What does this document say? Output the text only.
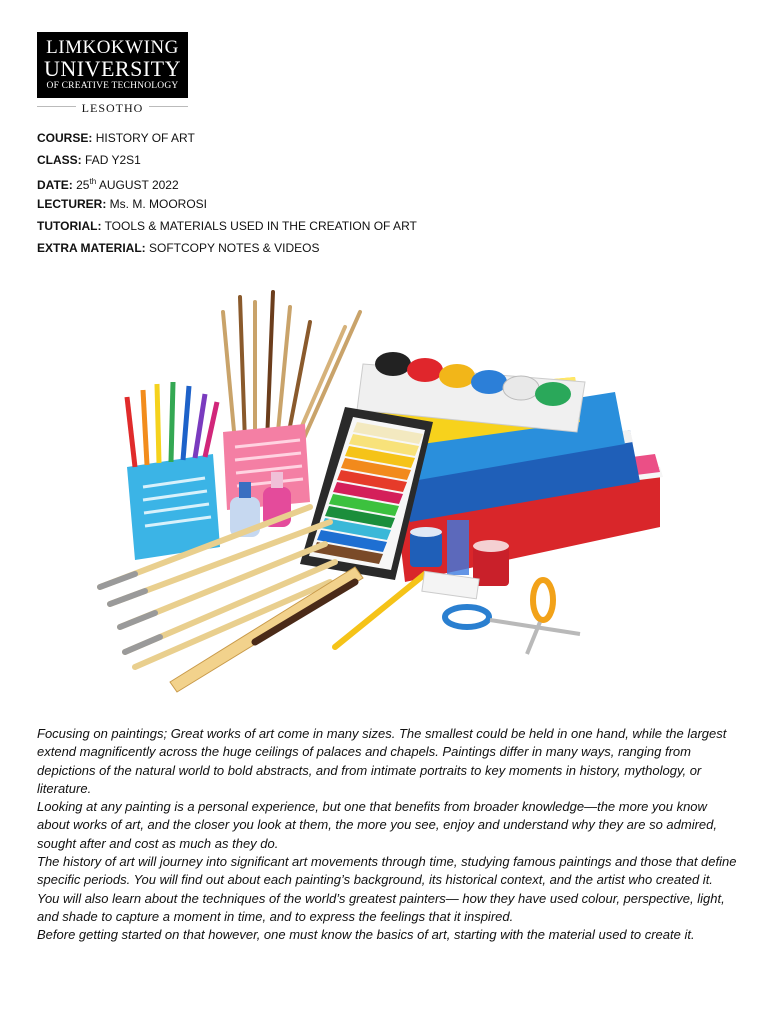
LIMKOKWING
UNIVERSITY
OF CREATIVE TECHNOLOGY
LESOTHO
COURSE: HISTORY OF ART
CLASS: FAD Y2S1
DATE: 25th AUGUST 2022
LECTURER: Ms. M. MOOROSI
TUTORIAL: TOOLS & MATERIALS USED IN THE CREATION OF ART
EXTRA MATERIAL: SOFTCOPY NOTES & VIDEOS

Focusing on paintings; Great works of art come in many sizes. The smallest could be held in one hand, while the largest extend magnificently across the huge ceilings of palaces and chapels. Paintings differ in many ways, ranging from depictions of the natural world to bold abstracts, and from intimate portraits to key moments in history, mythology, or literature.

Looking at any painting is a personal experience, but one that benefits from broader knowledge—the more you know about works of art, and the closer you look at them, the more you see, enjoy and understand why they are so admired, sought after and cost as much as they do.

The history of art will journey into significant art movements through time, studying famous paintings and those that define specific periods. You will find out about each painting’s background, its historical context, and the artist who created it. You will also learn about the techniques of the world’s greatest painters— how they have used colour, perspective, light, and shade to capture a moment in time, and to express the feelings that it inspired.

Before getting started on that however, one must know the basics of art, starting with the material used to create it.
